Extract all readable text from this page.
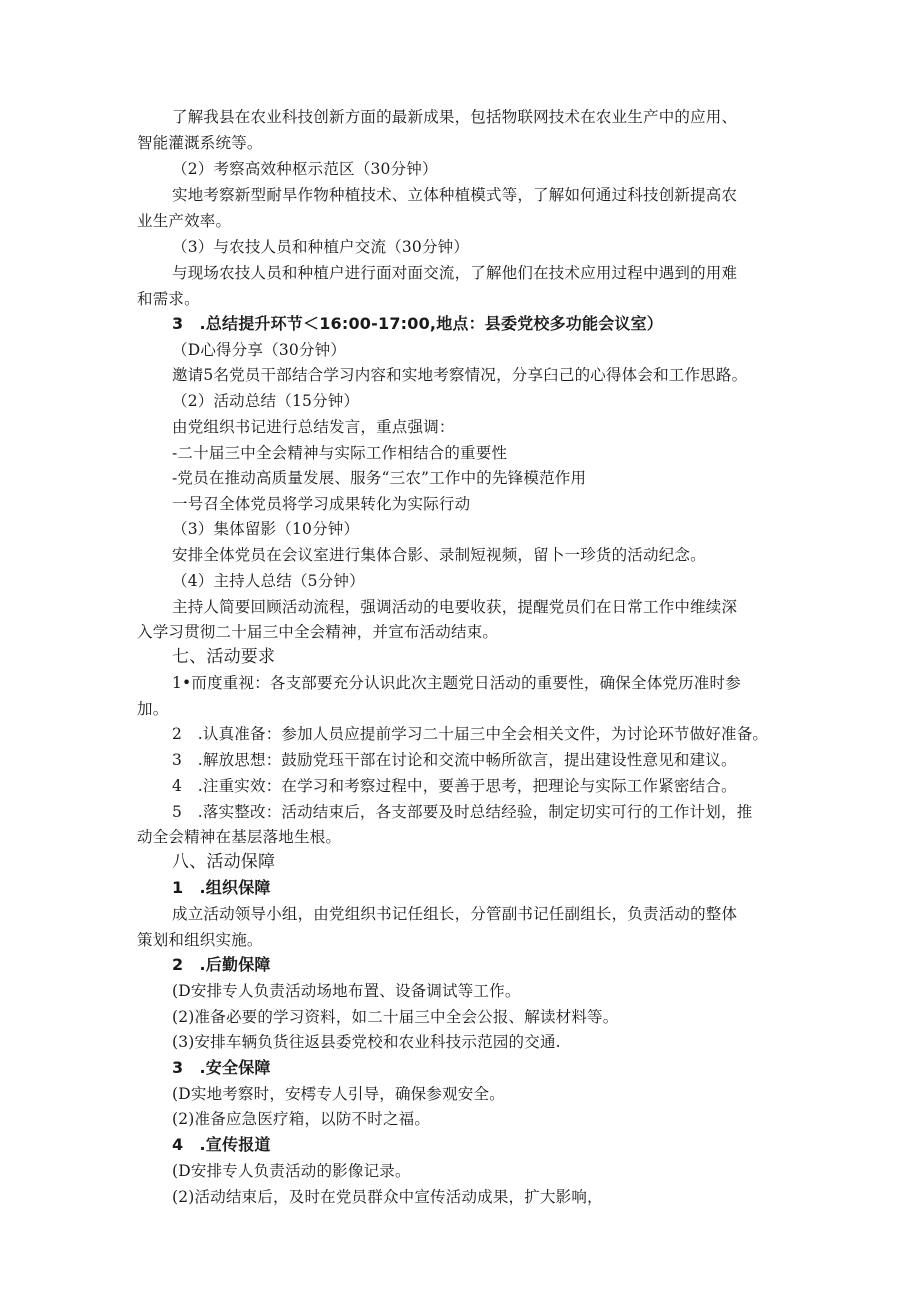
了解我县在农业科技创新方面的最新成果，包括物联网技术在农业生产中的应用、
智能灌溉系统等。
（2）考察高效种枢示范区（30分钟）
实地考察新型耐旱作物种植技术、立体种植模式等，了解如何通过科技创新提高农
业生产效率。
（3）与农技人员和种植户交流（30分钟）
与现场农技人员和种植户进行面对面交流，了解他们在技术应用过程中遇到的用难
和需求。
3　.总结提升环节＜16:00-17:00,地点：县委党校多功能会议室）
（D心得分享（30分钟）
邀请5名党员干部结合学习内容和实地考察情况，分享臼己的心得体会和工作思路。
（2）活动总结（15分钟）
由党组织书记进行总结发言，重点强调：
-二十届三中全会精神与实际工作相结合的重要性
-党员在推动高质量发展、服务“三农”工作中的先锋模范作用
一号召全体党员将学习成果转化为实际行动
（3）集体留影（10分钟）
安排全体党员在会议室进行集体合影、录制短视频，留卜一珍货的活动纪念。
（4）主持人总结（5分钟）
主持人简要回顾活动流程，强调活动的电要收获，提醒党员们在日常工作中维续深
入学习贯彻二十届三中全会精神，并宣布活动结束。
七、活动要求
1•而度重视：各支部要充分认识此次主题党日活动的重要性，确保全体党历准时参
加。
2　.认真准备：参加人员应提前学习二十届三中全会相关文件，为讨论环节做好准备。
3　.解放思想：鼓励党珏干部在讨论和交流中畅所欲言，提出建设性意见和建议。
4　.注重实效：在学习和考察过程中，要善于思考，把理论与实际工作紧密结合。
5　.落实整改：活动结束后，各支部要及时总结经验，制定切实可行的工作计划，推
动全会精神在基层落地生根。
八、活动保障
1　.组织保障
成立活动领导小组，由党组织书记任组长，分管副书记任副组长，负责活动的整体
策划和组织实施。
2　.后勤保障
(D安排专人负责活动场地布置、设备调试等工作。
(2)准备必要的学习资料，如二十届三中全会公报、解读材料等。
(3)安排车辆负货往返县委党校和农业科技示范园的交通.
3　.安全保障
(D实地考察时，安樗专人引导，确保参观安全。
(2)准备应急医疗箱，以防不时之福。
4　.宣传报道
(D安排专人负责活动的影像记录。
(2)活动结束后，及时在党员群众中宣传活动成果，扩大影响，
